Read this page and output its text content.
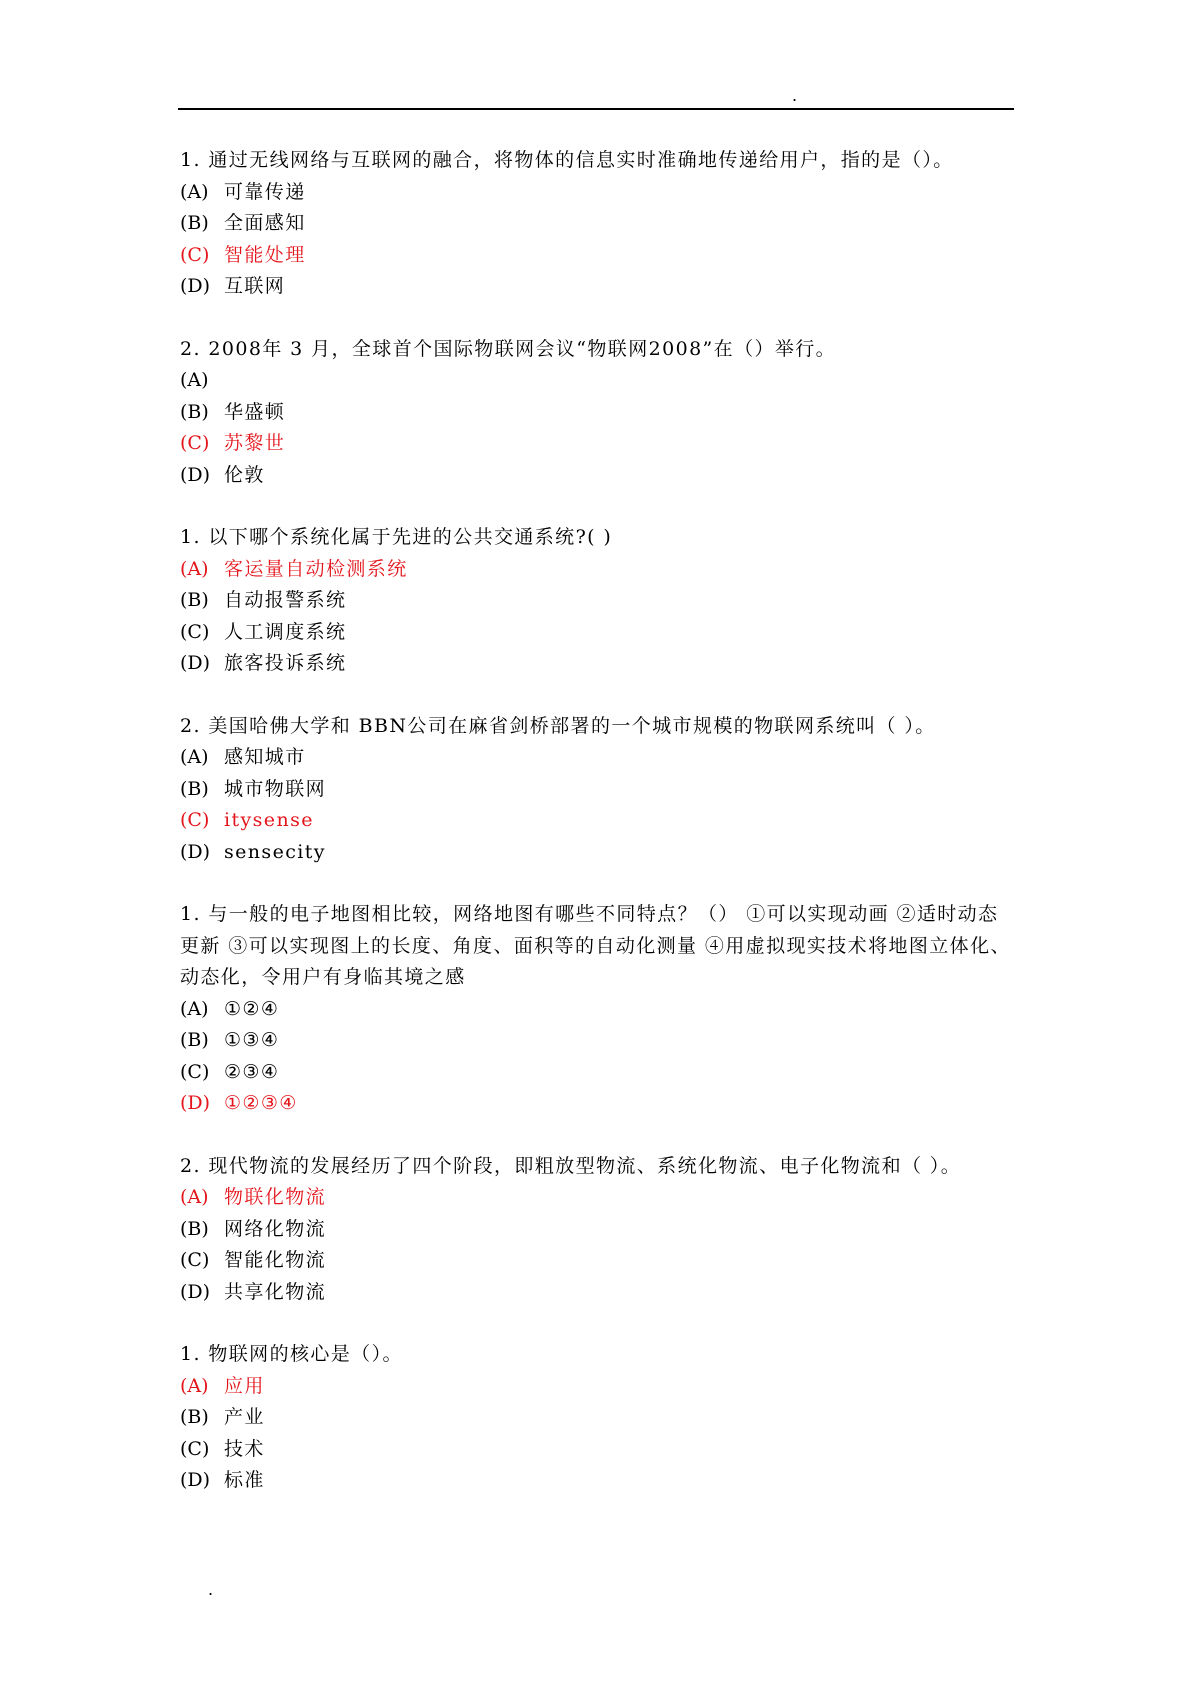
.
1. 通过无线网络与互联网的融合，将物体的信息实时准确地传递给用户，指的是（）。
(A) 可靠传递
(B) 全面感知
(C) 智能处理
(D) 互联网
2. 2008年 3 月，全球首个国际物联网会议“物联网2008”在（）举行。
(A)
(B) 华盛顿
(C) 苏黎世
(D) 伦敦
1. 以下哪个系统化属于先进的公共交通系统?( )
(A) 客运量自动检测系统
(B) 自动报警系统
(C) 人工调度系统
(D) 旅客投诉系统
2. 美国哈佛大学和 BBN公司在麻省剑桥部署的一个城市规模的物联网系统叫（ ）。
(A) 感知城市
(B) 城市物联网
(C) itysense
(D) sensecity
1. 与一般的电子地图相比较，网络地图有哪些不同特点？（） ①可以实现动画 ②适时动态更新 ③可以实现图上的长度、角度、面积等的自动化测量 ④用虚拟现实技术将地图立体化、动态化，令用户有身临其境之感
(A) ①②④
(B) ①③④
(C) ②③④
(D) ①②③④
2. 现代物流的发展经历了四个阶段，即粗放型物流、系统化物流、电子化物流和（ ）。
(A) 物联化物流
(B) 网络化物流
(C) 智能化物流
(D) 共享化物流
1. 物联网的核心是（）。
(A) 应用
(B) 产业
(C) 技术
(D) 标准
.
